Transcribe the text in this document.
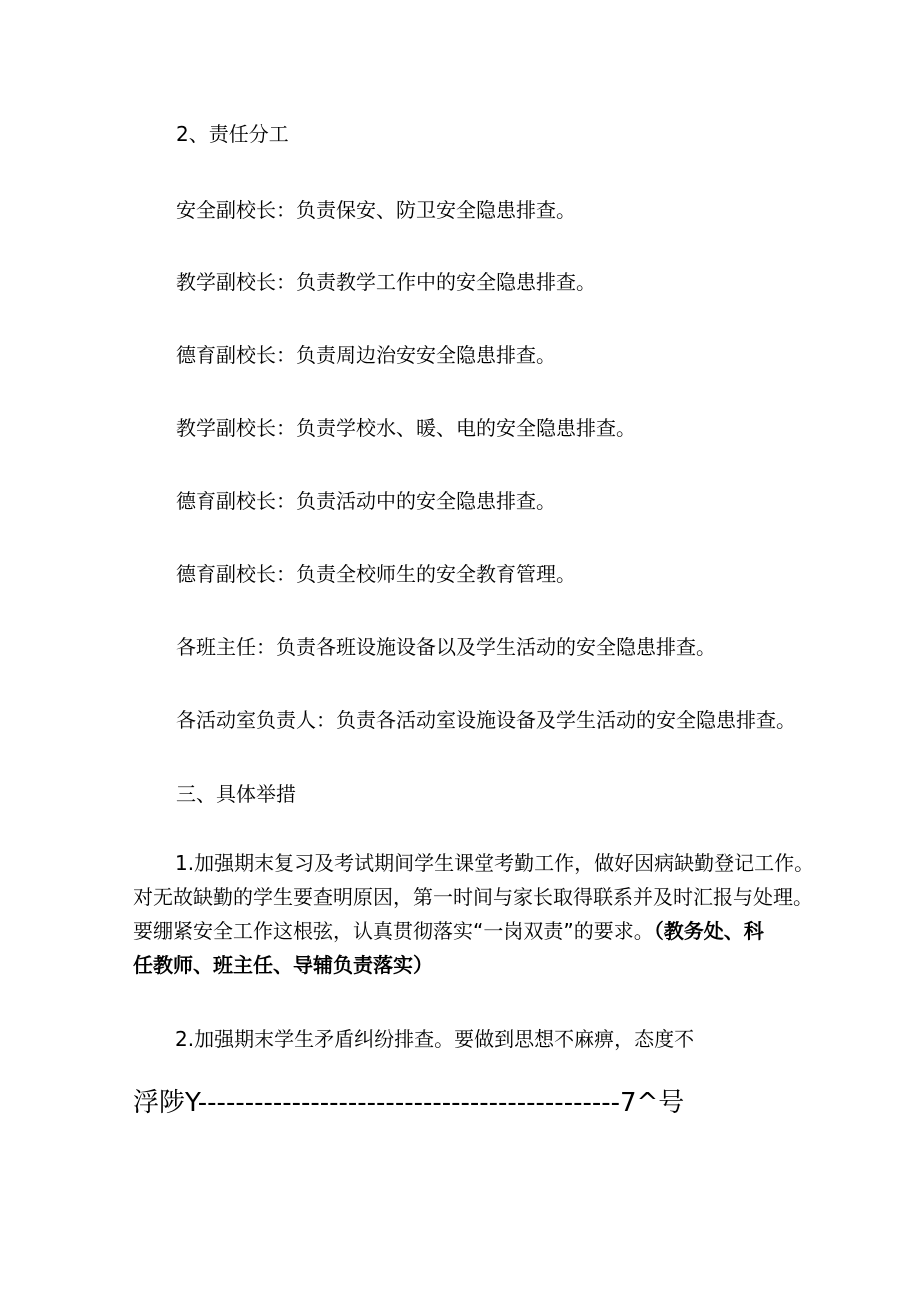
2、责任分工
安全副校长：负责保安、防卫安全隐患排查。
教学副校长：负责教学工作中的安全隐患排查。
德育副校长：负责周边治安安全隐患排查。
教学副校长：负责学校水、暖、电的安全隐患排查。
德育副校长：负责活动中的安全隐患排查。
德育副校长：负责全校师生的安全教育管理。
各班主任：负责各班设施设备以及学生活动的安全隐患排查。
各活动室负责人：负责各活动室设施设备及学生活动的安全隐患排查。
三、具体举措
1.加强期末复习及考试期间学生课堂考勤工作，做好因病缺勤登记工作。
对无故缺勤的学生要查明原因，第一时间与家长取得联系并及时汇报与处理。
要绷紧安全工作这根弦，认真贯彻落实“一岗双责”的要求。（教务处、科
任教师、班主任、导辅负责落实）
2.加强期末学生矛盾纠纷排查。要做到思想不麻痹，态度不
浮陟Y---------------------------------------------7^号
